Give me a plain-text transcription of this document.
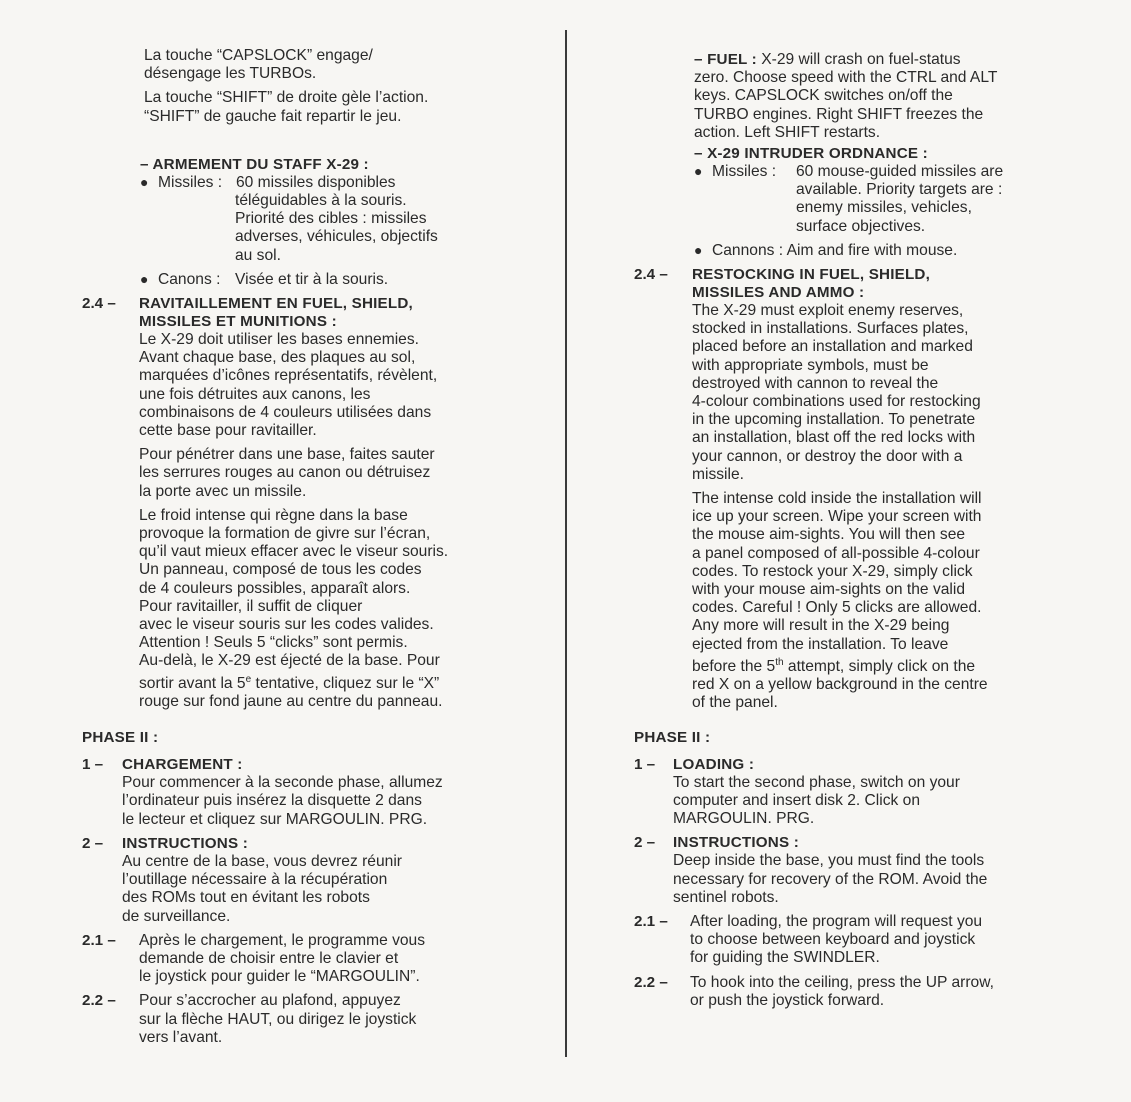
La touche “CAPSLOCK” engage/

désengage les TURBOs.

La touche “SHIFT” de droite gèle l’action.

“SHIFT” de gauche fait repartir le jeu.

– ARMEMENT DU STAFF X-29 :

● Missiles : 60 missiles disponibles

téléguidables à la souris.

Priorité des cibles : missiles

adverses, véhicules, objectifs

au sol.

● Canons : Visée et tir à la souris.

2.4 – RAVITAILLEMENT EN FUEL, SHIELD,

MISSILES ET MUNITIONS :

Le X-29 doit utiliser les bases ennemies.

Avant chaque base, des plaques au sol,

marquées d’icônes représentatifs, révèlent,

une fois détruites aux canons, les

combinaisons de 4 couleurs utilisées dans

cette base pour ravitailler.

Pour pénétrer dans une base, faites sauter

les serrures rouges au canon ou détruisez

la porte avec un missile.

Le froid intense qui règne dans la base

provoque la formation de givre sur l’écran,

qu’il vaut mieux effacer avec le viseur souris.

Un panneau, composé de tous les codes

de 4 couleurs possibles, apparaît alors.

Pour ravitailler, il suffit de cliquer

avec le viseur souris sur les codes valides.

Attention ! Seuls 5 “clicks” sont permis.

Au-delà, le X-29 est éjecté de la base. Pour

sortir avant la 5e tentative, cliquez sur le “X”

rouge sur fond jaune au centre du panneau.

PHASE II :

1 – CHARGEMENT :

Pour commencer à la seconde phase, allumez

l’ordinateur puis insérez la disquette 2 dans

le lecteur et cliquez sur MARGOULIN. PRG.

2 – INSTRUCTIONS :

Au centre de la base, vous devrez réunir

l’outillage nécessaire à la récupération

des ROMs tout en évitant les robots

de surveillance.

2.1 – Après le chargement, le programme vous

demande de choisir entre le clavier et

le joystick pour guider le “MARGOULIN”.

2.2 – Pour s’accrocher au plafond, appuyez

sur la flèche HAUT, ou dirigez le joystick

vers l’avant.

– FUEL : X-29 will crash on fuel-status

zero. Choose speed with the CTRL and ALT

keys. CAPSLOCK switches on/off the

TURBO engines. Right SHIFT freezes the

action. Left SHIFT restarts.

– X-29 INTRUDER ORDNANCE :

● Missiles :	60 mouse-guided missiles are

available. Priority targets are :

enemy missiles, vehicles,

surface objectives.

● Cannons : Aim and fire with mouse.

2.4 – RESTOCKING IN FUEL, SHIELD,

MISSILES AND AMMO :

The X-29 must exploit enemy reserves,

stocked in installations. Surfaces plates,

placed before an installation and marked

with appropriate symbols, must be

destroyed with cannon to reveal the

4-colour combinations used for restocking

in the upcoming installation. To penetrate

an installation, blast off the red locks with

your cannon, or destroy the door with a

missile.

The intense cold inside the installation will

ice up your screen. Wipe your screen with

the mouse aim-sights. You will then see

a panel composed of all-possible 4-colour

codes. To restock your X-29, simply click

with your mouse aim-sights on the valid

codes. Careful ! Only 5 clicks are allowed.

Any more will result in the X-29 being

ejected from the installation. To leave

before the 5th attempt, simply click on the

red X on a yellow background in the centre

of the panel.

PHASE II :

1 – LOADING :

To start the second phase, switch on your

computer and insert disk 2. Click on

MARGOULIN. PRG.

2 – INSTRUCTIONS :

Deep inside the base, you must find the tools

necessary for recovery of the ROM. Avoid the

sentinel robots.

2.1 – After loading, the program will request you

to choose between keyboard and joystick

for guiding the SWINDLER.

2.2 – To hook into the ceiling, press the UP arrow,

or push the joystick forward.
